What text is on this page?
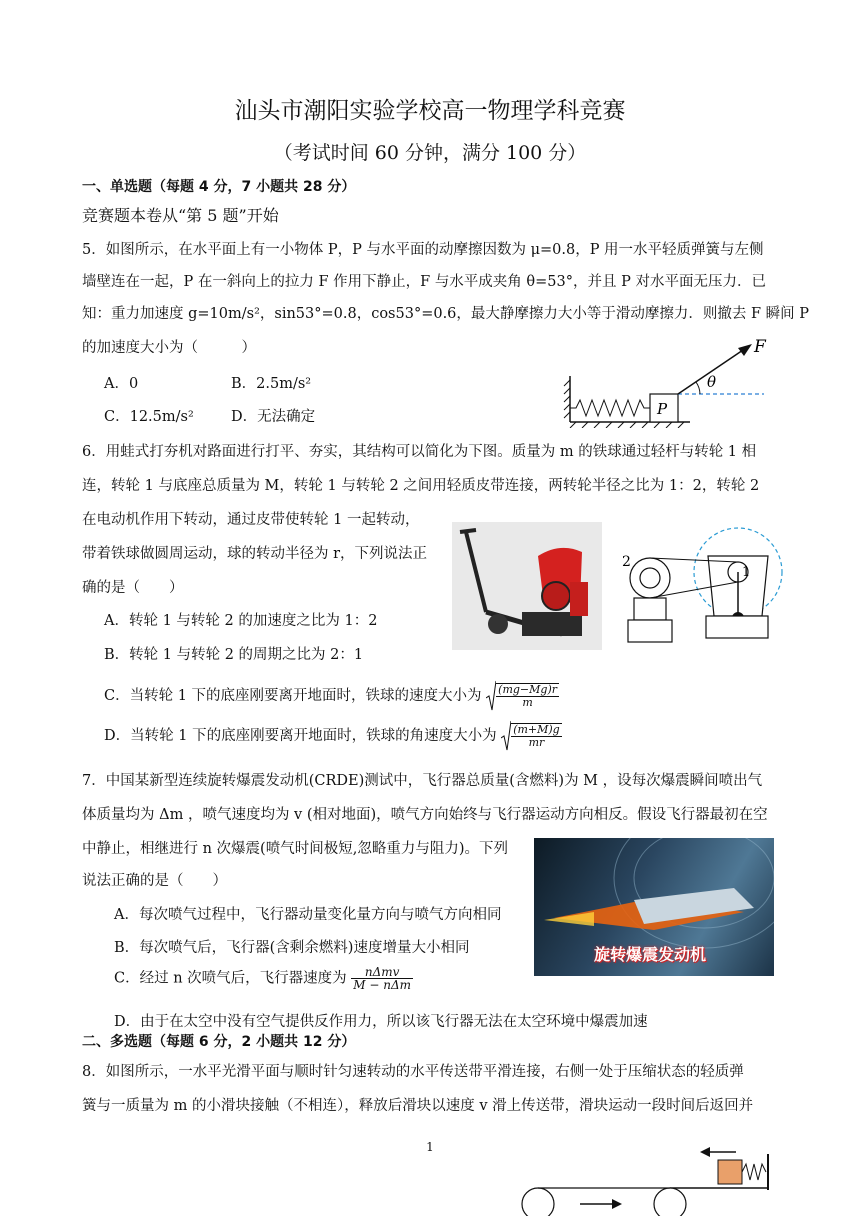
汕头市潮阳实验学校高一物理学科竞赛
（考试时间 60 分钟，满分 100 分）
一、单选题（每题 4 分，7 小题共 28 分）
竞赛题本卷从“第 5 题”开始
5．如图所示，在水平面上有一小物体 P，P 与水平面的动摩擦因数为 μ=0.8，P 用一水平轻质弹簧与左侧
墙壁连在一起，P 在一斜向上的拉力 F 作用下静止，F 与水平成夹角 θ=53°，并且 P 对水平面无压力．已
知：重力加速度 g=10m/s²，sin53°=0.8，cos53°=0.6，最大静摩擦力大小等于滑动摩擦力．则撤去 F 瞬间 P
的加速度大小为（　　　）
A．0	B．2.5m/s²
C．12.5m/s²	D．无法确定	P
θ
F
6．用蛙式打夯机对路面进行打平、夯实，其结构可以简化为下图。质量为 m 的铁球通过轻杆与转轮 1 相
连，转轮 1 与底座总质量为 M，转轮 1 与转轮 2 之间用轻质皮带连接，两转轮半径之比为 1：2，转轮 2
在电动机作用下转动，通过皮带使转轮 1 一起转动，
带着铁球做圆周运动，球的转动半径为 r，下列说法正
确的是（　　）
A．转轮 1 与转轮 2 的加速度之比为 1：2
B．转轮 1 与转轮 2 的周期之比为 2：1
C．当转轮 1 下的底座刚要离开地面时，铁球的速度大小为 $\frac{(mg-Mg)r}{m}$
D．当转轮 1 下的底座刚要离开地面时，铁球的角速度大小为 $\frac{(m+M)g}{mr}$
2
1
7．中国某新型连续旋转爆震发动机(CRDE)测试中，飞行器总质量(含燃料)为 M ，设每次爆震瞬间喷出气
体质量均为 Δm ，喷气速度均为 v (相对地面)，喷气方向始终与飞行器运动方向相反。假设飞行器最初在空
中静止，相继进行 n 次爆震(喷气时间极短,忽略重力与阻力)。下列
说法正确的是（　　）
A．每次喷气过程中，飞行器动量变化量方向与喷气方向相同
B．每次喷气后，飞行器(含剩余燃料)速度增量大小相同
C．经过 n 次喷气后，飞行器速度为 $\frac{\text{nΔmv}}{\text{M − nΔm}}$
D．由于在太空中没有空气提供反作用力，所以该飞行器无法在太空环境中爆震加速
旋转爆震发动机
二、多选题（每题 6 分，2 小题共 12 分）
8．如图所示，一水平光滑平面与顺时针匀速转动的水平传送带平滑连接，右侧一处于压缩状态的轻质弹
簧与一质量为 m 的小滑块接触（不相连），释放后滑块以速度 v 滑上传送带，滑块运动一段时间后返回并
1
